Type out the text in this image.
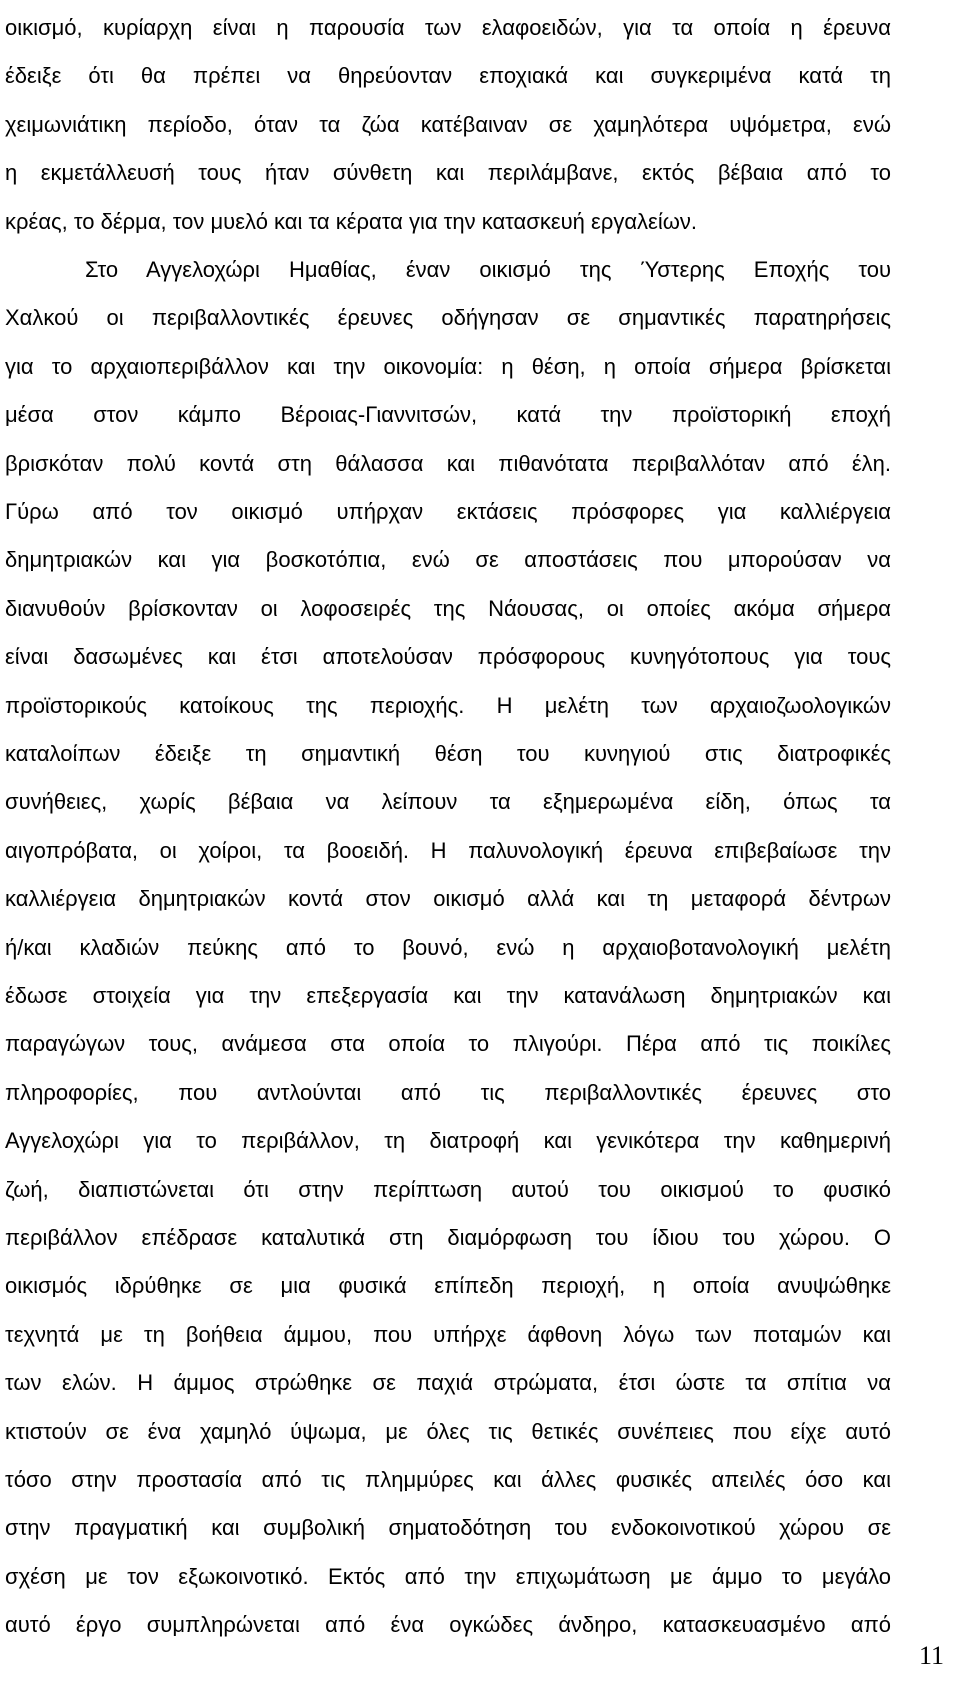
οικισμό, κυρίαρχη είναι η παρουσία των ελαφοειδών, για τα οποία η έρευνα
έδειξε ότι θα πρέπει να θηρεύονταν εποχιακά και συγκεριμένα κατά τη
χειμωνιάτικη περίοδο, όταν τα ζώα κατέβαιναν σε χαμηλότερα υψόμετρα, ενώ
η εκμετάλλευσή τους ήταν σύνθετη και περιλάμβανε, εκτός βέβαια από το
κρέας, το δέρμα, τον μυελό και τα κέρατα για την κατασκευή εργαλείων.
Στο Αγγελοχώρι Ημαθίας, έναν οικισμό της Ύστερης Εποχής του
Χαλκού οι περιβαλλοντικές έρευνες οδήγησαν σε σημαντικές παρατηρήσεις
για το αρχαιοπεριβάλλον και την οικονομία: η θέση, η οποία σήμερα βρίσκεται
μέσα στον κάμπο Βέροιας-Γιαννιτσών, κατά την προϊστορική εποχή
βρισκόταν πολύ κοντά στη θάλασσα και πιθανότατα περιβαλλόταν από έλη.
Γύρω από τον οικισμό υπήρχαν εκτάσεις πρόσφορες για καλλιέργεια
δημητριακών και για βοσκοτόπια, ενώ σε αποστάσεις που μπορούσαν να
διανυθούν βρίσκονταν οι λοφοσειρές της Νάουσας, οι οποίες ακόμα σήμερα
είναι δασωμένες και έτσι αποτελούσαν πρόσφορους κυνηγότοπους για τους
προϊστορικούς κατοίκους της περιοχής. Η μελέτη των αρχαιοζωολογικών
καταλοίπων έδειξε τη σημαντική θέση του κυνηγιού στις διατροφικές
συνήθειες, χωρίς βέβαια να λείπουν τα εξημερωμένα είδη, όπως τα
αιγοπρόβατα, οι χοίροι, τα βοοειδή. Η παλυνολογική έρευνα επιβεβαίωσε την
καλλιέργεια δημητριακών κοντά στον οικισμό αλλά και τη μεταφορά δέντρων
ή/και κλαδιών πεύκης από το βουνό, ενώ η αρχαιοβοτανολογική μελέτη
έδωσε στοιχεία για την επεξεργασία και την κατανάλωση δημητριακών και
παραγώγων τους, ανάμεσα στα οποία το πλιγούρι. Πέρα από τις ποικίλες
πληροφορίες, που αντλούνται από τις περιβαλλοντικές έρευνες στο
Αγγελοχώρι για το περιβάλλον, τη διατροφή και γενικότερα την καθημερινή
ζωή, διαπιστώνεται ότι στην περίπτωση αυτού του οικισμού το φυσικό
περιβάλλον επέδρασε καταλυτικά στη διαμόρφωση του ίδιου του χώρου. Ο
οικισμός ιδρύθηκε σε μια φυσικά επίπεδη περιοχή, η οποία ανυψώθηκε
τεχνητά με τη βοήθεια άμμου, που υπήρχε άφθονη λόγω των ποταμών και
των ελών. Η άμμος στρώθηκε σε παχιά στρώματα, έτσι ώστε τα σπίτια να
κτιστούν σε ένα χαμηλό ύψωμα, με όλες τις θετικές συνέπειες που είχε αυτό
τόσο στην προστασία από τις πλημμύρες και άλλες φυσικές απειλές όσο και
στην πραγματική και συμβολική σηματοδότηση του ενδοκοινοτικού χώρου σε
σχέση με τον εξωκοινοτικό. Εκτός από την επιχωμάτωση με άμμο το μεγάλο
αυτό έργο συμπληρώνεται από ένα ογκώδες άνδηρο, κατασκευασμένο από
11
